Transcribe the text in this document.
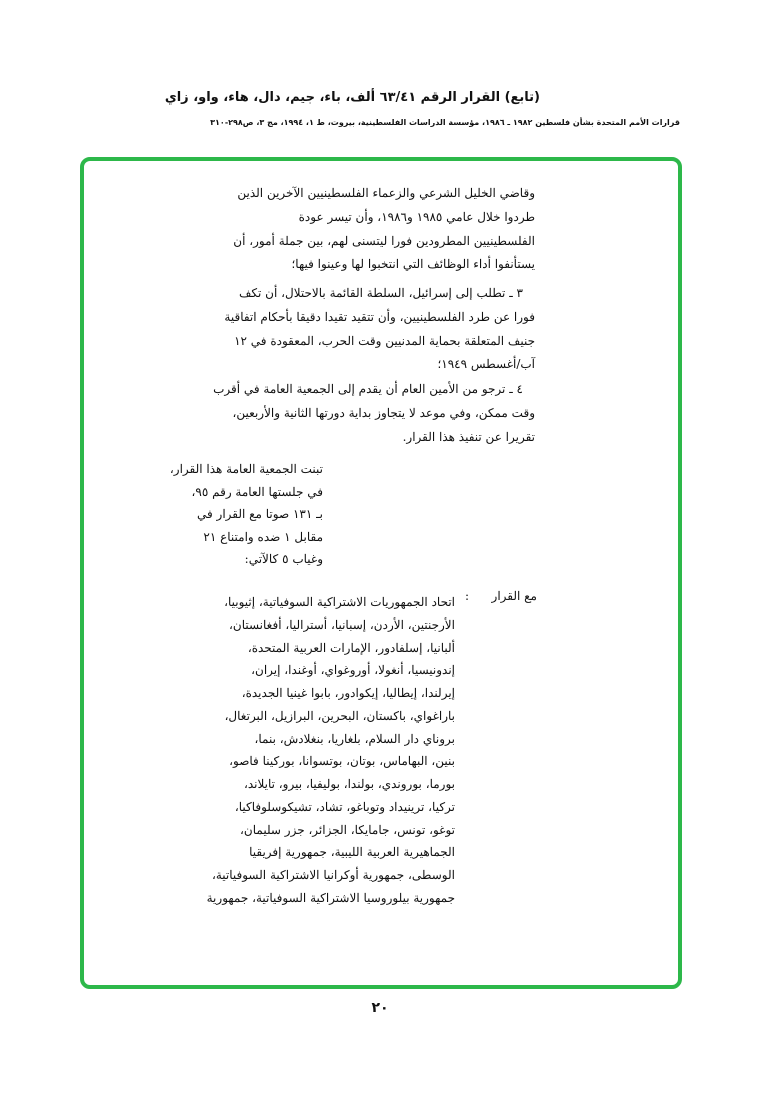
(تابع) القرار الرقم ٦٣/٤١ ألف، باء، جيم، دال، هاء، واو، زاي
قرارات الأمم المتحدة بشأن فلسطين ١٩٨٢ ـ ١٩٨٦، مؤسسة الدراسات الفلسطينية، بيروت، ط ١، ١٩٩٤، مج ٣، ص٢٩٨-٣١٠

وقاضي الخليل الشرعي والزعماء الفلسطينيين الآخرين الذين

طردوا خلال عامي ١٩٨٥ و١٩٨٦، وأن تيسر عودة

الفلسطينيين المطرودين فورا ليتسنى لهم، بين جملة أمور، أن

يستأنفوا أداء الوظائف التي انتخبوا لها وعينوا فيها؛

٣ ـ تطلب إلى إسرائيل، السلطة القائمة بالاحتلال، أن تكف

فورا عن طرد الفلسطينيين، وأن تتقيد تقيدا دقيقا بأحكام اتفاقية

جنيف المتعلقة بحماية المدنيين وقت الحرب، المعقودة في ١٢

آب/أغسطس ١٩٤٩؛

٤ ـ ترجو من الأمين العام أن يقدم إلى الجمعية العامة في أقرب

وقت ممكن، وفي موعد لا يتجاوز بداية دورتها الثانية والأربعين،

تقريرا عن تنفيذ هذا القرار.

تبنت الجمعية العامة هذا القرار،

في جلستها العامة رقم ٩٥،

بـ ١٣١ صوتا مع القرار في

مقابل ١ ضده وامتناع ٢١

وغياب ٥ كالآتي:

مع القرار
:

اتحاد الجمهوريات الاشتراكية السوفياتية، إثيوبيا،

الأرجنتين، الأردن، إسبانيا، أستراليا، أفغانستان،

ألبانيا، إسلفادور، الإمارات العربية المتحدة،

إندونيسيا، أنغولا، أوروغواي، أوغندا، إيران،

إيرلندا، إيطاليا، إيكوادور، بابوا غينيا الجديدة،

باراغواي، باكستان، البحرين، البرازيل، البرتغال،

بروناي دار السلام، بلغاريا، بنغلادش، بنما،

بنين، البهاماس، بوتان، بوتسوانا، بوركينا فاصو،

بورما، بوروندي، بولندا، بوليفيا، بيرو، تايلاند،

تركيا، ترينيداد وتوباغو، تشاد، تشيكوسلوفاكيا،

توغو، تونس، جامايكا، الجزائر، جزر سليمان،

الجماهيرية العربية الليبية، جمهورية إفريقيا

الوسطى، جمهورية أوكرانيا الاشتراكية السوفياتية،

جمهورية بيلوروسيا الاشتراكية السوفياتية، جمهورية

٢٠
